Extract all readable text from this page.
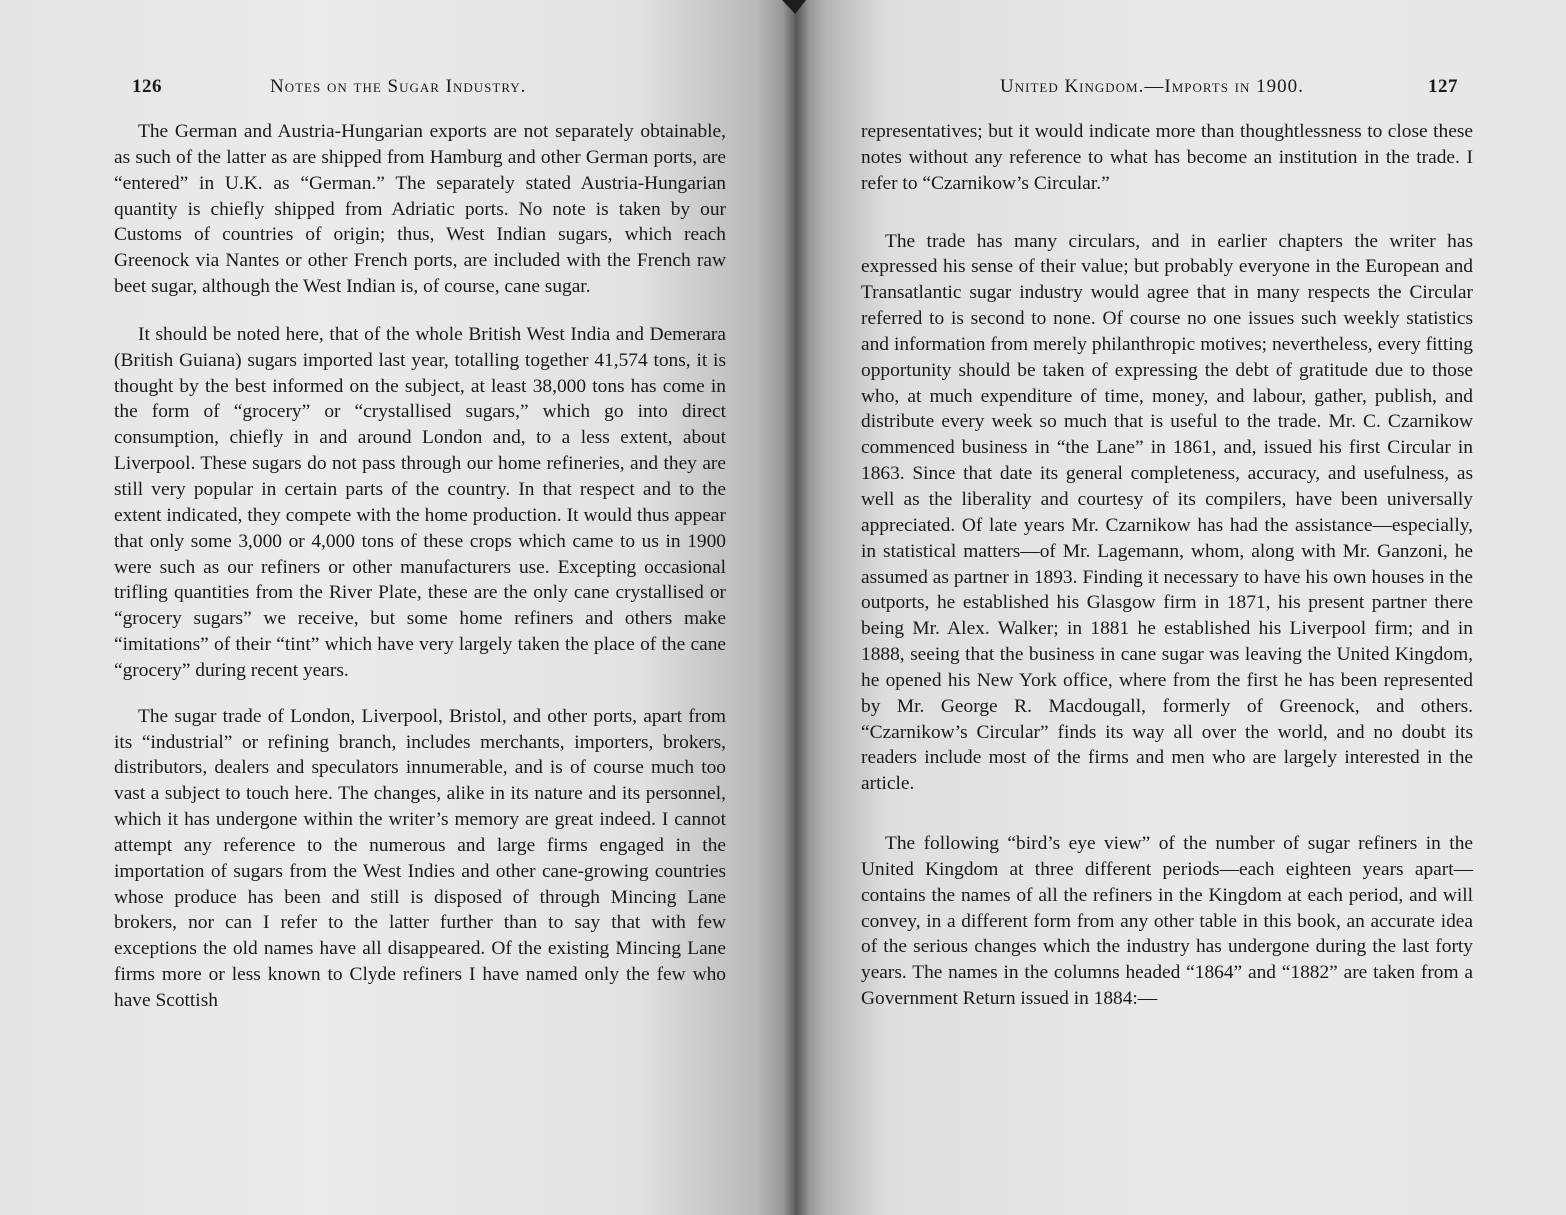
126	Notes on the Sugar Industry.

The German and Austria-Hungarian exports are not separately obtainable, as such of the latter as are shipped from Hamburg and other German ports, are “entered” in U.K. as “German.” The separately stated Austria-Hungarian quantity is chiefly shipped from Adriatic ports. No note is taken by our Customs of countries of origin; thus, West Indian sugars, which reach Greenock via Nantes or other French ports, are included with the French raw beet sugar, although the West Indian is, of course, cane sugar.

It should be noted here, that of the whole British West India and Demerara (British Guiana) sugars imported last year, totalling together 41,574 tons, it is thought by the best informed on the subject, at least 38,000 tons has come in the form of “grocery” or “crystallised sugars,” which go into direct consumption, chiefly in and around London and, to a less extent, about Liverpool. These sugars do not pass through our home refineries, and they are still very popular in certain parts of the country. In that respect and to the extent indicated, they compete with the home production. It would thus appear that only some 3,000 or 4,000 tons of these crops which came to us in 1900 were such as our refiners or other manufacturers use. Excepting occasional trifling quantities from the River Plate, these are the only cane crystallised or “grocery sugars” we receive, but some home refiners and others make “imitations” of their “tint” which have very largely taken the place of the cane “grocery” during recent years.

The sugar trade of London, Liverpool, Bristol, and other ports, apart from its “industrial” or refining branch, includes merchants, importers, brokers, distributors, dealers and speculators innumerable, and is of course much too vast a subject to touch here. The changes, alike in its nature and its personnel, which it has undergone within the writer’s memory are great indeed. I cannot attempt any reference to the numerous and large firms engaged in the importation of sugars from the West Indies and other cane-growing countries whose produce has been and still is disposed of through Mincing Lane brokers, nor can I refer to the latter further than to say that with few exceptions the old names have all disappeared. Of the existing Mincing Lane firms more or less known to Clyde refiners I have named only the few who have Scottish

United Kingdom.—Imports in 1900.	127

representatives; but it would indicate more than thoughtlessness to close these notes without any reference to what has become an institution in the trade. I refer to “Czarnikow’s Circular.”

The trade has many circulars, and in earlier chapters the writer has expressed his sense of their value; but probably everyone in the European and Transatlantic sugar industry would agree that in many respects the Circular referred to is second to none. Of course no one issues such weekly statistics and information from merely philanthropic motives; nevertheless, every fitting opportunity should be taken of expressing the debt of gratitude due to those who, at much expenditure of time, money, and labour, gather, publish, and distribute every week so much that is useful to the trade. Mr. C. Czarnikow commenced business in “the Lane” in 1861, and, issued his first Circular in 1863. Since that date its general completeness, accuracy, and usefulness, as well as the liberality and courtesy of its compilers, have been universally appreciated. Of late years Mr. Czarnikow has had the assistance—especially, in statistical matters—of Mr. Lagemann, whom, along with Mr. Ganzoni, he assumed as partner in 1893. Finding it necessary to have his own houses in the outports, he established his Glasgow firm in 1871, his present partner there being Mr. Alex. Walker; in 1881 he established his Liverpool firm; and in 1888, seeing that the business in cane sugar was leaving the United Kingdom, he opened his New York office, where from the first he has been represented by Mr. George R. Macdougall, formerly of Greenock, and others. “Czarnikow’s Circular” finds its way all over the world, and no doubt its readers include most of the firms and men who are largely interested in the article.

The following “bird’s eye view” of the number of sugar refiners in the United Kingdom at three different periods—each eighteen years apart—contains the names of all the refiners in the Kingdom at each period, and will convey, in a different form from any other table in this book, an accurate idea of the serious changes which the industry has undergone during the last forty years. The names in the columns headed “1864” and “1882” are taken from a Government Return issued in 1884:—
